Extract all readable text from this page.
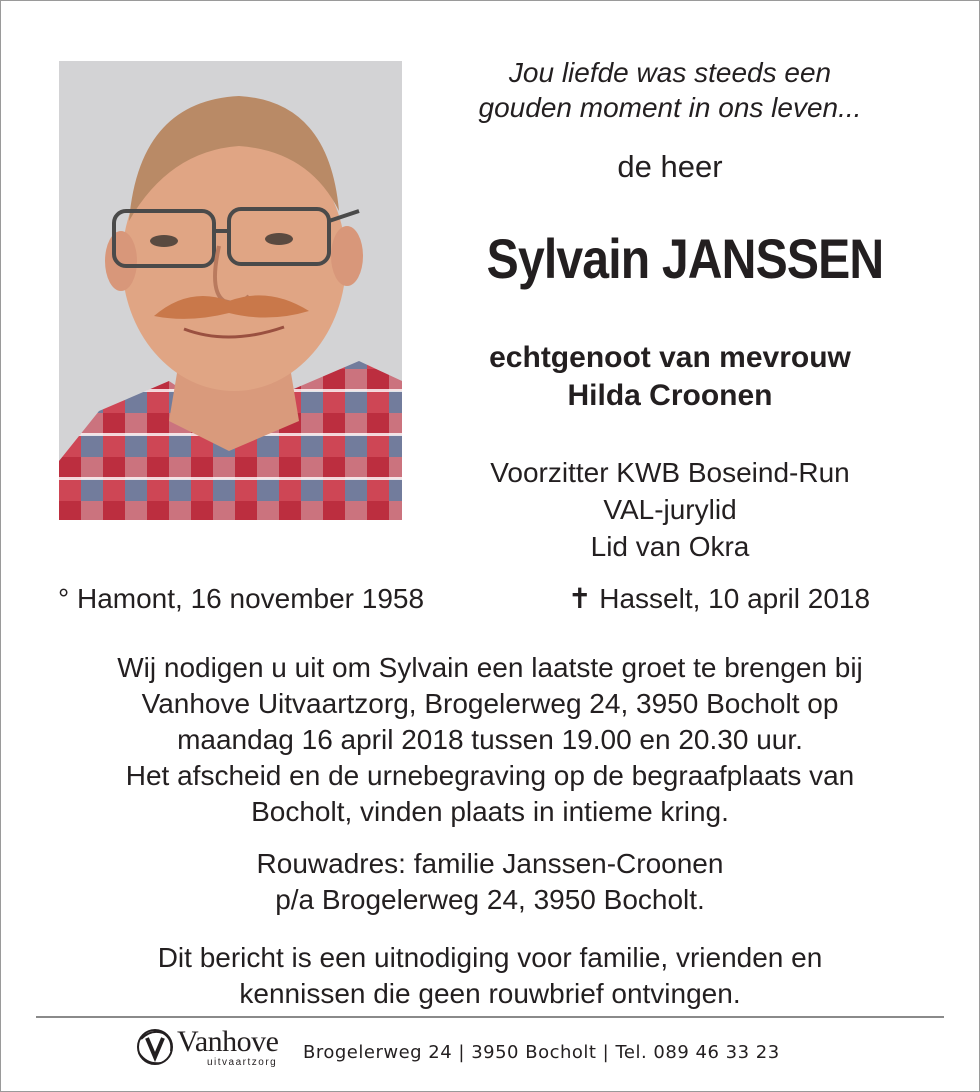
Jou liefde was steeds een
gouden moment in ons leven...
de heer
Sylvain JANSSEN
echtgenoot van mevrouw
Hilda Croonen
Voorzitter KWB Boseind-Run
VAL-jurylid
Lid van Okra
° Hamont, 16 november 1958	✝ Hasselt, 10 april 2018
Wij nodigen u uit om Sylvain een laatste groet te brengen bij
Vanhove Uitvaartzorg, Brogelerweg 24, 3950 Bocholt op
maandag 16 april 2018 tussen 19.00 en 20.30 uur.
Het afscheid en de urnebegraving op de begraafplaats van
Bocholt, vinden plaats in intieme kring.
Rouwadres: familie Janssen-Croonen
p/a Brogelerweg 24, 3950 Bocholt.
Dit bericht is een uitnodiging voor familie, vrienden en
kennissen die geen rouwbrief ontvingen.
Vanhove
uitvaartzorg Brogelerweg 24 | 3950 Bocholt | Tel. 089 46 33 23
